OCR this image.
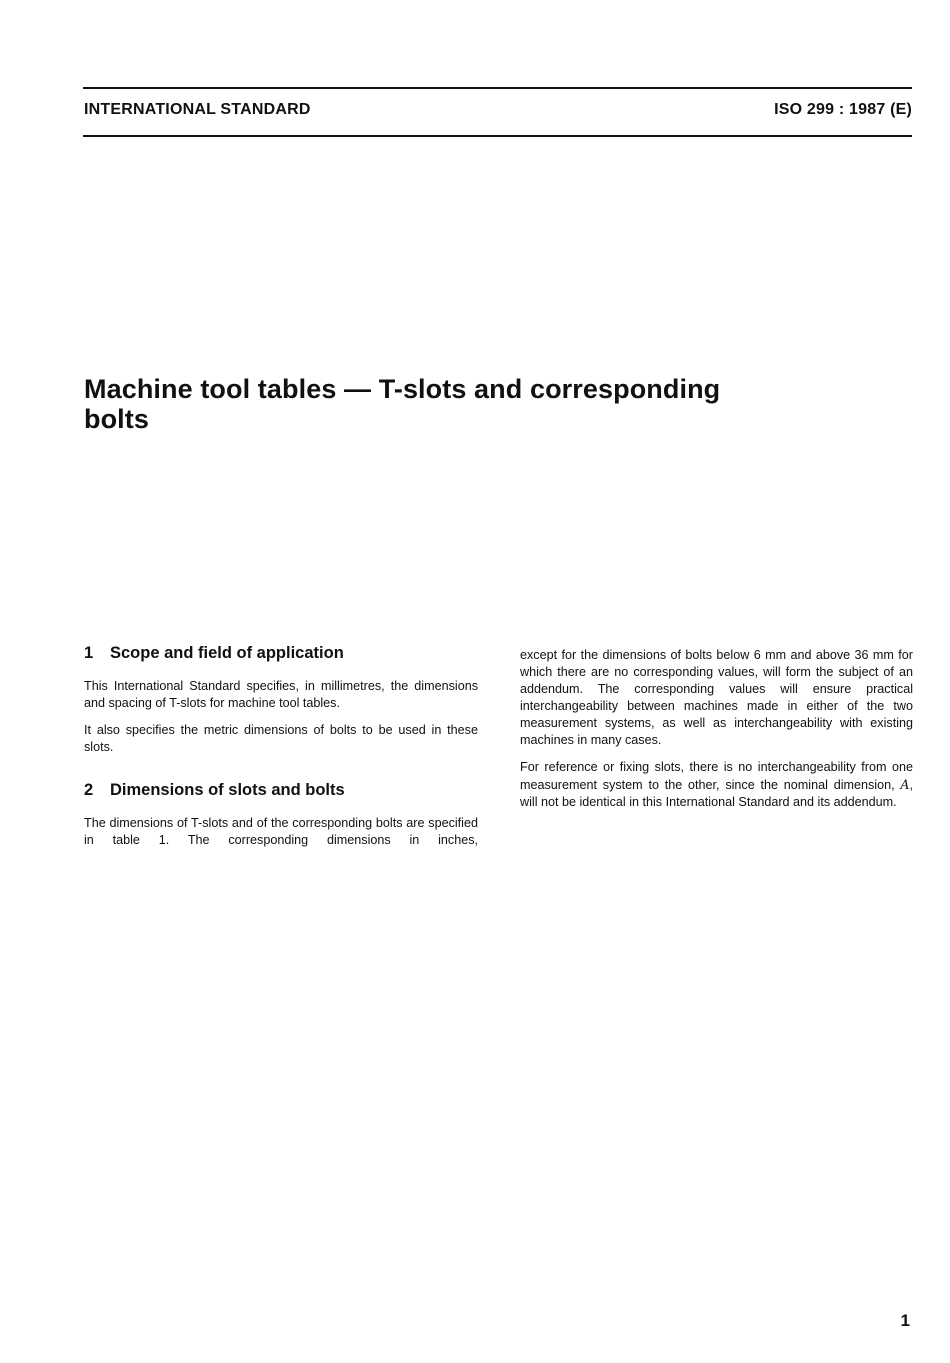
INTERNATIONAL STANDARD	ISO 299 : 1987 (E)
Machine tool tables — T-slots and corresponding
bolts
1 Scope and field of application

This International Standard specifies, in millimetres, the dimensions and spacing of T-slots for machine tool tables.

It also specifies the metric dimensions of bolts to be used in these slots.

2 Dimensions of slots and bolts

The dimensions of T-slots and of the corresponding bolts are specified in table 1. The corresponding dimensions in inches,

except for the dimensions of bolts below 6 mm and above 36 mm for which there are no corresponding values, will form the subject of an addendum. The corresponding values will ensure practical interchangeability between machines made in either of the two measurement systems, as well as interchangeability with existing machines in many cases.

For reference or fixing slots, there is no interchangeability from one measurement system to the other, since the nominal dimension, A, will not be identical in this International Standard and its addendum.

1
